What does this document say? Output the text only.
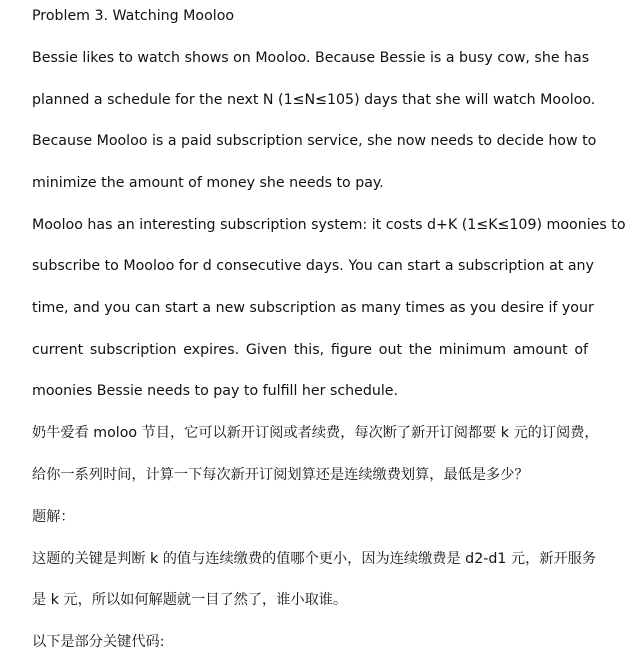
Problem 3. Watching Mooloo
Bessie likes to watch shows on Mooloo. Because Bessie is a busy cow, she has
planned a schedule for the next N (1≤N≤105) days that she will watch Mooloo.
Because Mooloo is a paid subscription service, she now needs to decide how to
minimize the amount of money she needs to pay.
Mooloo has an interesting subscription system: it costs d+K (1≤K≤109) moonies to
subscribe to Mooloo for d consecutive days. You can start a subscription at any
time, and you can start a new subscription as many times as you desire if your
current subscription expires. Given this, figure out the minimum amount of
moonies Bessie needs to pay to fulfill her schedule.
奶牛爱看 moloo 节目，它可以新开订阅或者续费，每次断了新开订阅都要 k 元的订阅费，
给你一系列时间，计算一下每次新开订阅划算还是连续缴费划算，最低是多少？
题解：
这题的关键是判断 k 的值与连续缴费的值哪个更小，因为连续缴费是 d2-d1 元，新开服务
是 k 元，所以如何解题就一目了然了，谁小取谁。
以下是部分关键代码:
